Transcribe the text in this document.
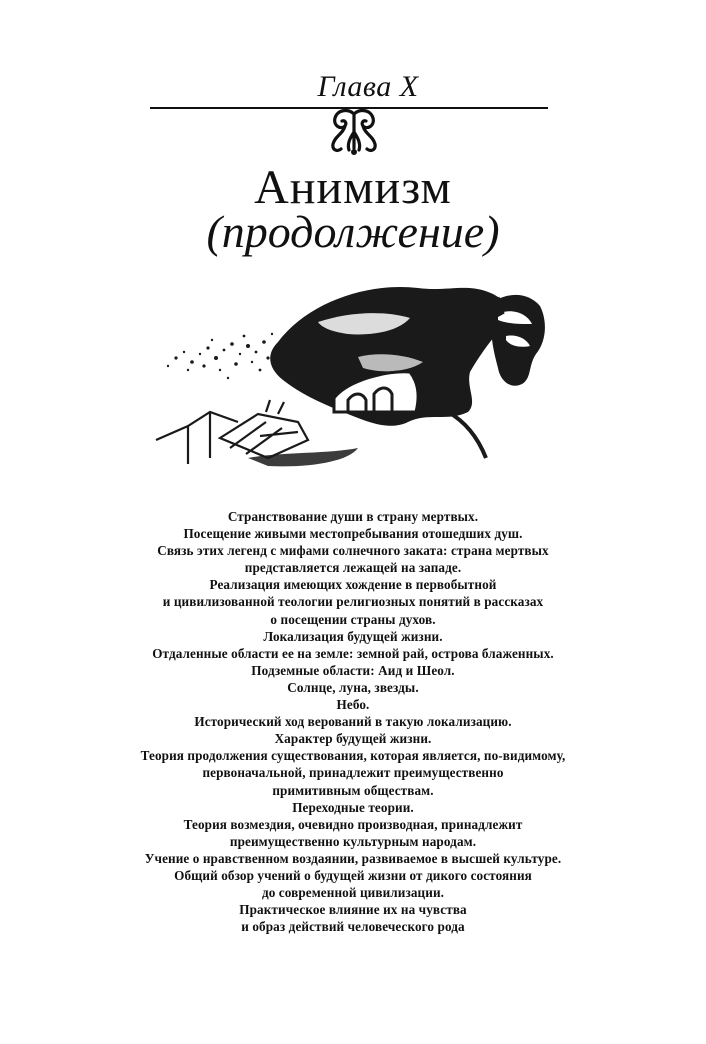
Глава X
Анимизм
(продолжение)
Странствование души в страну мертвых.
Посещение живыми местопребывания отошедших душ.
Связь этих легенд с мифами солнечного заката: страна мертвых
представляется лежащей на западе.
Реализация имеющих хождение в первобытной
и цивилизованной теологии религиозных понятий в рассказах
о посещении страны духов.
Локализация будущей жизни.
Отдаленные области ее на земле: земной рай, острова блаженных.
Подземные области: Аид и Шеол.
Солнце, луна, звезды.
Небо.
Исторический ход верований в такую локализацию.
Характер будущей жизни.
Теория продолжения существования, которая является, по-видимому,
первоначальной, принадлежит преимущественно
примитивным обществам.
Переходные теории.
Теория возмездия, очевидно производная, принадлежит
преимущественно культурным народам.
Учение о нравственном воздаянии, развиваемое в высшей культуре.
Общий обзор учений о будущей жизни от дикого состояния
до современной цивилизации.
Практическое влияние их на чувства
и образ действий человеческого рода
